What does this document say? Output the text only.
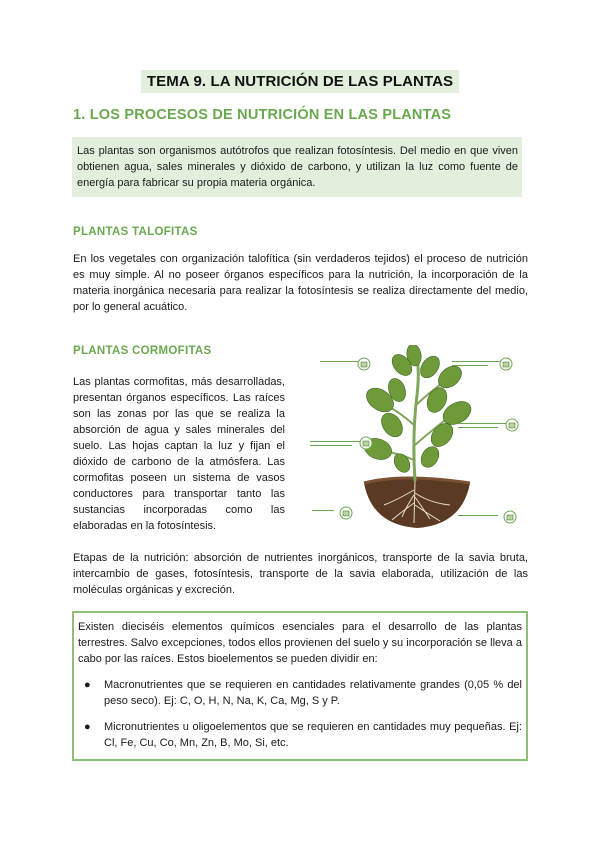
TEMA 9. LA NUTRICIÓN DE LAS PLANTAS
1. LOS PROCESOS DE NUTRICIÓN EN LAS PLANTAS
Las plantas son organismos autótrofos que realizan fotosíntesis. Del medio en que viven obtienen agua, sales minerales y dióxido de carbono, y utilizan la luz como fuente de energía para fabricar su propia materia orgánica.
PLANTAS TALOFITAS
En los vegetales con organización talofítica (sin verdaderos tejidos) el proceso de nutrición es muy simple. Al no poseer órganos específicos para la nutrición, la incorporación de la materia inorgánica necesaria para realizar la fotosíntesis se realiza directamente del medio, por lo general acuático.
PLANTAS CORMOFITAS
Las plantas cormofitas, más desarrolladas, presentan órganos específicos. Las raíces son las zonas por las que se realiza la absorción de agua y sales minerales del suelo. Las hojas captan la luz y fijan el dióxido de carbono de la atmósfera. Las cormofitas poseen un sistema de vasos conductores para transportar tanto las sustancias incorporadas como las elaboradas en la fotosíntesis.
Etapas de la nutrición: absorción de nutrientes inorgánicos, transporte de la savia bruta, intercambio de gases, fotosíntesis, transporte de la savia elaborada, utilización de las moléculas orgánicas y excreción.
Existen dieciséis elementos químicos esenciales para el desarrollo de las plantas terrestres. Salvo excepciones, todos ellos provienen del suelo y su incorporación se lleva a cabo por las raíces. Estos bioelementos se pueden dividir en:
● Macronutrientes que se requieren en cantidades relativamente grandes (0,05 % del peso seco). Ej: C, O, H, N, Na, K, Ca, Mg, S y P.
● Micronutrientes u oligoelementos que se requieren en cantidades muy pequeñas. Ej: Cl, Fe, Cu, Co, Mn, Zn, B, Mo, Si, etc.
